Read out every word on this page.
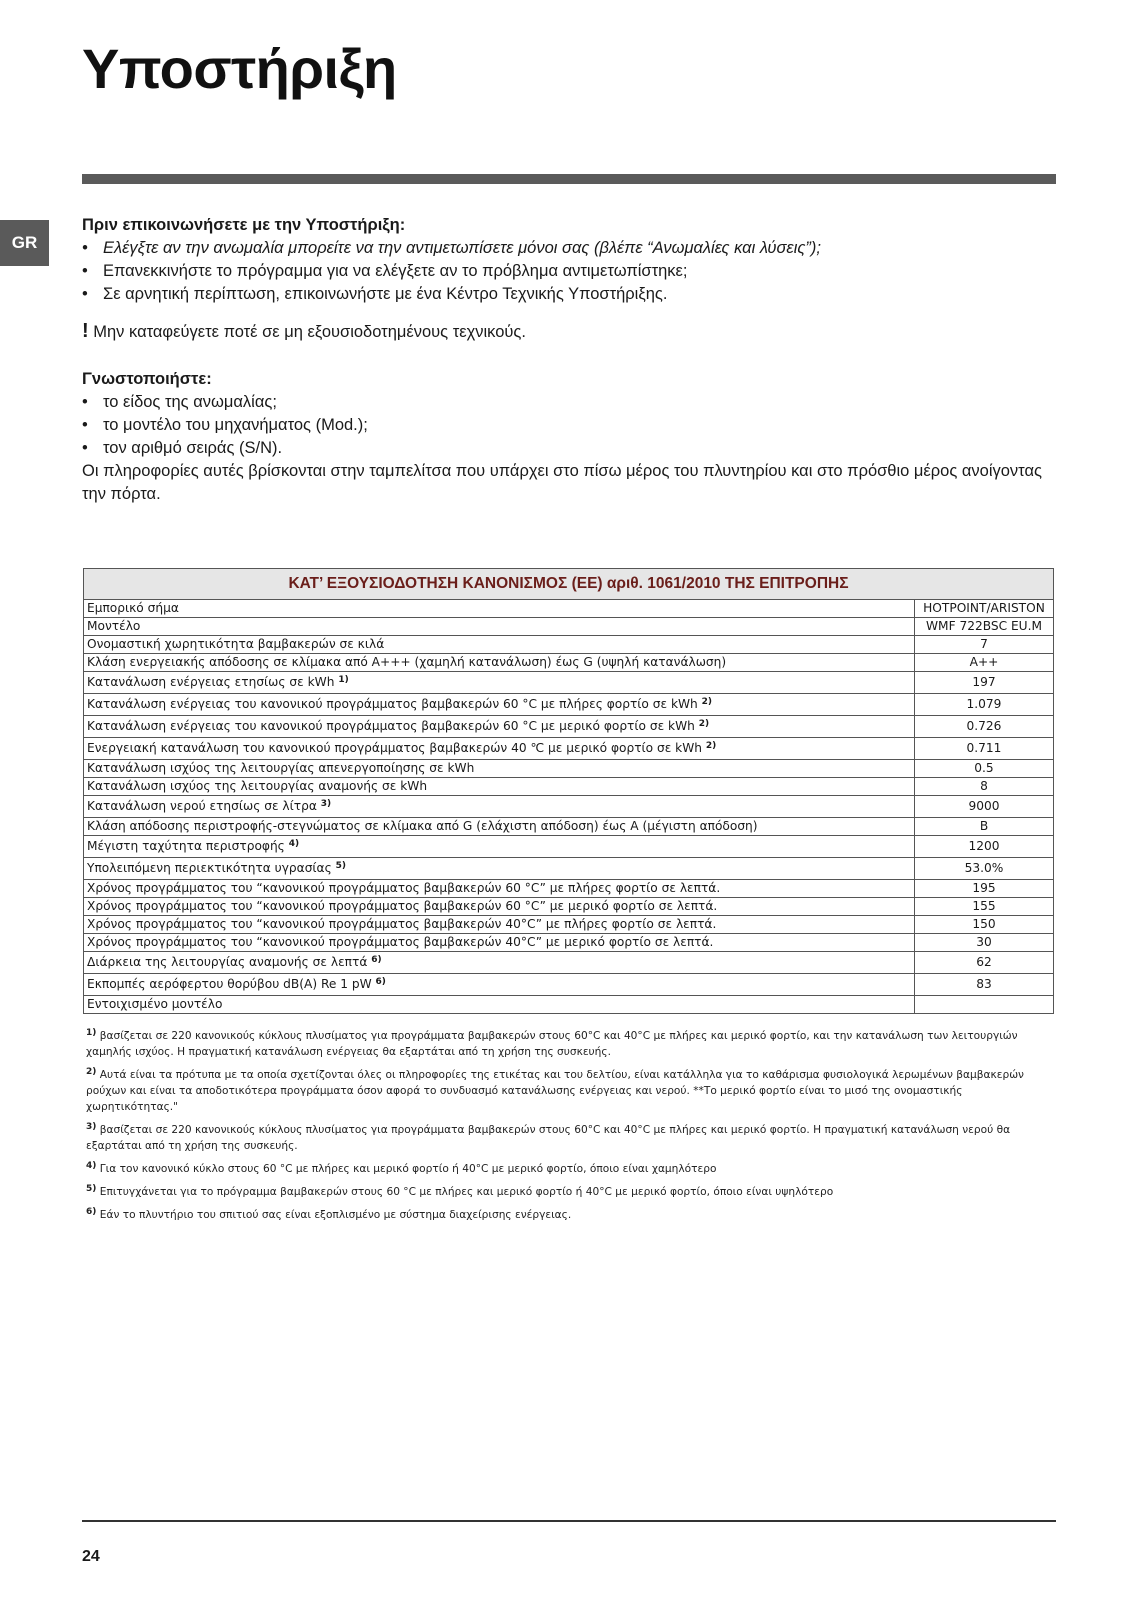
Υποστήριξη
GR

Πριν επικοινωνήσετε με την Υποστήριξη:

• Ελέγξτε αν την ανωμαλία μπορείτε να την αντιμετωπίσετε μόνοι σας (βλέπε “Ανωμαλίες και λύσεις”);
• Επανεκκινήστε το πρόγραμμα για να ελέγξετε αν το πρόβλημα αντιμετωπίστηκε;
• Σε αρνητική περίπτωση, επικοινωνήστε με ένα Κέντρο Τεχνικής Υποστήριξης.

! Μην καταφεύγετε ποτέ σε μη εξουσιοδοτημένους τεχνικούς.

Γνωστοποιήστε:

• το είδος της ανωμαλίας;
• το μοντέλο του μηχανήματος (Mod.);
• τον αριθμό σειράς (S/N).

Οι πληροφορίες αυτές βρίσκονται στην ταμπελίτσα που υπάρχει στο πίσω μέρος του πλυντηρίου και στο πρόσθιο μέρος ανοίγοντας την πόρτα.

ΚΑΤ’ ΕΞΟΥΣΙΟΔΟΤΗΣΗ ΚΑΝΟΝΙΣΜΟΣ (ΕΕ) αριθ. 1061/2010 ΤΗΣ ΕΠΙΤΡΟΠΗΣ	
Εμπορικό σήμα	HOTPOINT/ARISTON
Μοντέλο	WMF 722BSC EU.M
Ονομαστική χωρητικότητα βαμβακερών σε κιλά	7
Κλάση ενεργειακής απόδοσης σε κλίμακα από A+++ (χαμηλή κατανάλωση) έως G (υψηλή κατανάλωση)	A++
Κατανάλωση ενέργειας ετησίως σε kWh $^{1)}$	197
Κατανάλωση ενέργειας του κανονικού προγράμματος βαμβακερών 60 °C με πλήρες φορτίο σε kWh $^{2)}$	1.079
Κατανάλωση ενέργειας του κανονικού προγράμματος βαμβακερών 60 °C με μερικό φορτίο σε kWh $^{2)}$	0.726
Ενεργειακή κατανάλωση του κανονικού προγράμματος βαμβακερών 40 ℃ με μερικό φορτίο σε kWh $^{2)}$	0.711
Κατανάλωση ισχύος της λειτουργίας απενεργοποίησης σε kWh	0.5
Κατανάλωση ισχύος της λειτουργίας αναμονής σε kWh	8
Κατανάλωση νερού ετησίως σε λίτρα $^{3)}$	9000
Κλάση απόδοσης περιστροφής-στεγνώματος σε κλίμακα από G (ελάχιστη απόδοση) έως A (μέγιστη απόδοση)	B
Μέγιστη ταχύτητα περιστροφής $^{4)}$	1200
Υπολειπόμενη περιεκτικότητα υγρασίας $^{5)}$	53.0%
Χρόνος προγράμματος του “κανονικού προγράμματος βαμβακερών 60 °C” με πλήρες φορτίο σε λεπτά.	195
Χρόνος προγράμματος του “κανονικού προγράμματος βαμβακερών 60 °C” με μερικό φορτίο σε λεπτά.	155
Χρόνος προγράμματος του “κανονικού προγράμματος βαμβακερών 40°C” με πλήρες φορτίο σε λεπτά.	150
Χρόνος προγράμματος του “κανονικού προγράμματος βαμβακερών 40°C” με μερικό φορτίο σε λεπτά.	30
Διάρκεια της λειτουργίας αναμονής σε λεπτά $^{6)}$	62
Εκπομπές αερόφερτου θορύβου dB(A) Re 1 pW $^{6)}$	83
Εντοιχισμένο μοντέλο	

$^{1)}$ βασίζεται σε 220 κανονικούς κύκλους πλυσίματος για προγράμματα βαμβακερών στους 60°C και 40°C με πλήρες και μερικό φορτίο, και την κατανάλωση των λειτουργιών χαμηλής ισχύος. Η πραγματική κατανάλωση ενέργειας θα εξαρτάται από τη χρήση της συσκευής.

$^{2)}$ Αυτά είναι τα πρότυπα με τα οποία σχετίζονται όλες οι πληροφορίες της ετικέτας και του δελτίου, είναι κατάλληλα για το καθάρισμα φυσιολογικά λερωμένων βαμβακερών ρούχων και είναι τα αποδοτικότερα προγράμματα όσον αφορά το συνδυασμό κατανάλωσης ενέργειας και νερού. **Το μερικό φορτίο είναι το μισό της ονομαστικής χωρητικότητας."

$^{3)}$ βασίζεται σε 220 κανονικούς κύκλους πλυσίματος για προγράμματα βαμβακερών στους 60°C και 40°C με πλήρες και μερικό φορτίο. Η πραγματική κατανάλωση νερού θα εξαρτάται από τη χρήση της συσκευής.

$^{4)}$ Για τον κανονικό κύκλο στους 60 °C με πλήρες και μερικό φορτίο ή 40°C με μερικό φορτίο, όποιο είναι χαμηλότερο

$^{5)}$ Επιτυγχάνεται για το πρόγραμμα βαμβακερών στους 60 °C με πλήρες και μερικό φορτίο ή 40°C με μερικό φορτίο, όποιο είναι υψηλότερο

$^{6)}$ Εάν το πλυντήριο του σπιτιού σας είναι εξοπλισμένο με σύστημα διαχείρισης ενέργειας.

24
